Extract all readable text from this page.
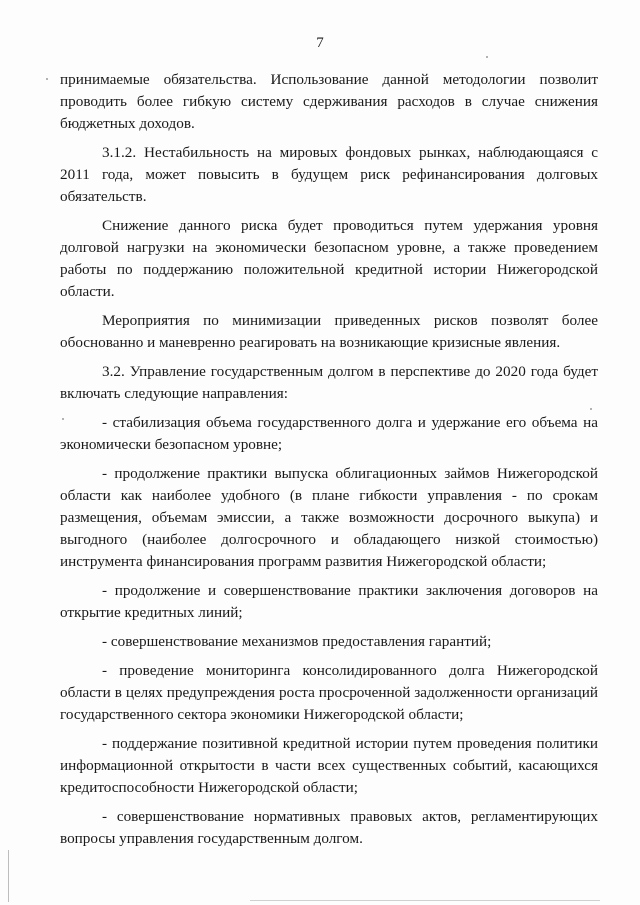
7

принимаемые обязательства. Использование данной методологии позволит проводить более гибкую систему сдерживания расходов в случае снижения бюджетных доходов.

3.1.2. Нестабильность на мировых фондовых рынках, наблюдающаяся с 2011 года, может повысить в будущем риск рефинансирования долговых обязательств.

Снижение данного риска будет проводиться путем удержания уровня долговой нагрузки на экономически безопасном уровне, а также проведением работы по поддержанию положительной кредитной истории Нижегородской области.

Мероприятия по минимизации приведенных рисков позволят более обоснованно и маневренно реагировать на возникающие кризисные явления.

3.2. Управление государственным долгом в перспективе до 2020 года будет включать следующие направления:

- стабилизация объема государственного долга и удержание его объема на экономически безопасном уровне;

- продолжение практики выпуска облигационных займов Нижегородской области как наиболее удобного (в плане гибкости управления - по срокам размещения, объемам эмиссии, а также возможности досрочного выкупа) и выгодного (наиболее долгосрочного и обладающего низкой стоимостью) инструмента финансирования программ развития Нижегородской области;

- продолжение и совершенствование практики заключения договоров на открытие кредитных линий;

- совершенствование механизмов предоставления гарантий;

- проведение мониторинга консолидированного долга Нижегородской области в целях предупреждения роста просроченной задолженности организаций государственного сектора экономики Нижегородской области;

- поддержание позитивной кредитной истории путем проведения политики информационной открытости в части всех существенных событий, касающихся кредитоспособности Нижегородской области;

- совершенствование нормативных правовых актов, регламентирующих вопросы управления государственным долгом.
